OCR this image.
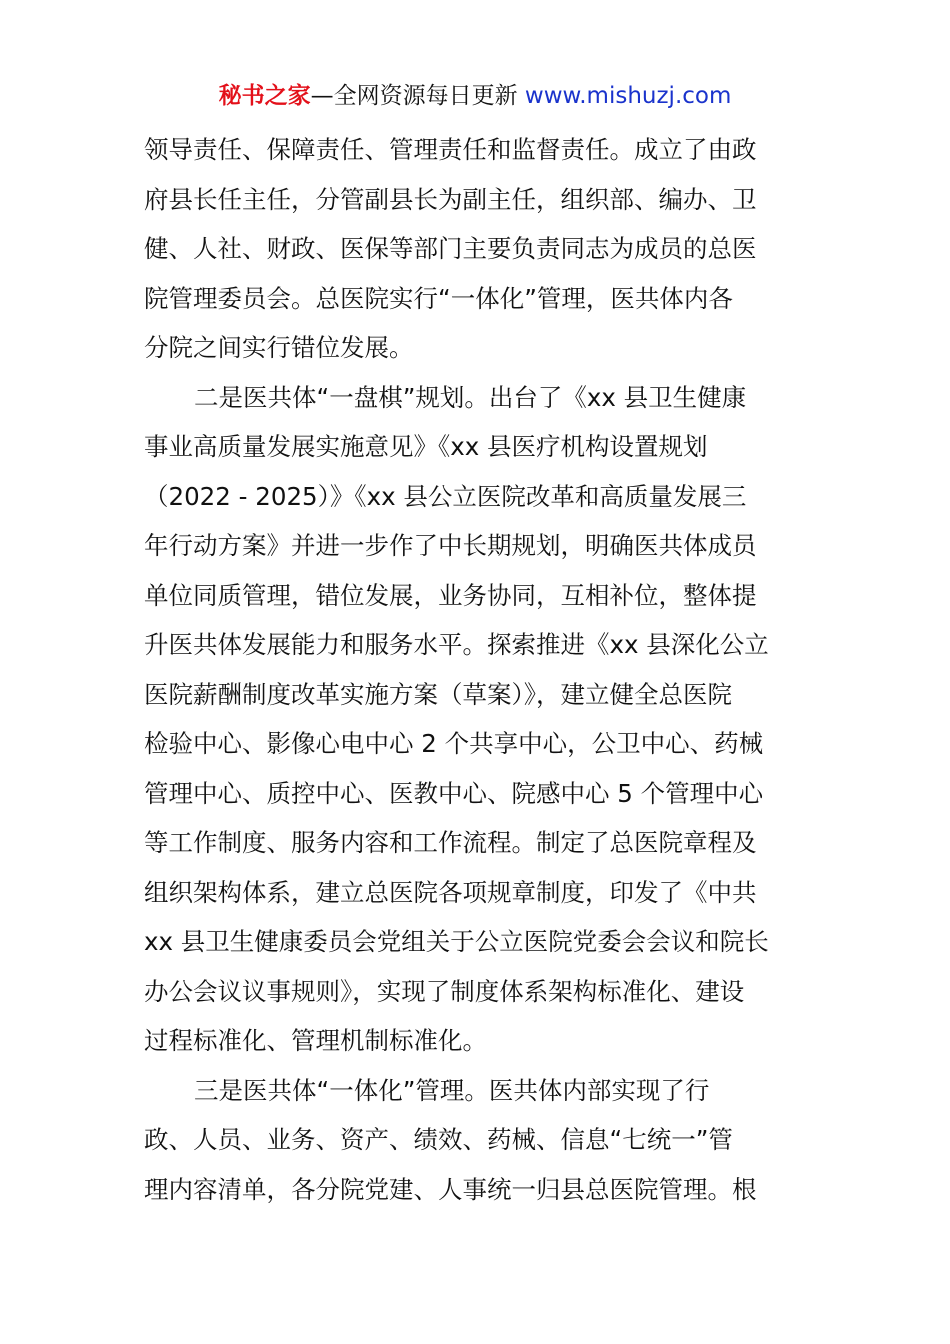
秘书之家—全网资源每日更新 www.mishuzj.com
领导责任、保障责任、管理责任和监督责任。成立了由政
府县长任主任，分管副县长为副主任，组织部、编办、卫
健、人社、财政、医保等部门主要负责同志为成员的总医
院管理委员会。总医院实行“一体化”管理，医共体内各
分院之间实行错位发展。
二是医共体“一盘棋”规划。出台了《xx 县卫生健康
事业高质量发展实施意见》《xx 县医疗机构设置规划
（2022 - 2025）》《xx 县公立医院改革和高质量发展三
年行动方案》并进一步作了中长期规划，明确医共体成员
单位同质管理，错位发展，业务协同，互相补位，整体提
升医共体发展能力和服务水平。探索推进《xx 县深化公立
医院薪酬制度改革实施方案（草案）》，建立健全总医院
检验中心、影像心电中心 2 个共享中心，公卫中心、药械
管理中心、质控中心、医教中心、院感中心 5 个管理中心
等工作制度、服务内容和工作流程。制定了总医院章程及
组织架构体系，建立总医院各项规章制度，印发了《中共
xx 县卫生健康委员会党组关于公立医院党委会会议和院长
办公会议议事规则》，实现了制度体系架构标准化、建设
过程标准化、管理机制标准化。
三是医共体“一体化”管理。医共体内部实现了行
政、人员、业务、资产、绩效、药械、信息“七统一”管
理内容清单，各分院党建、人事统一归县总医院管理。根
